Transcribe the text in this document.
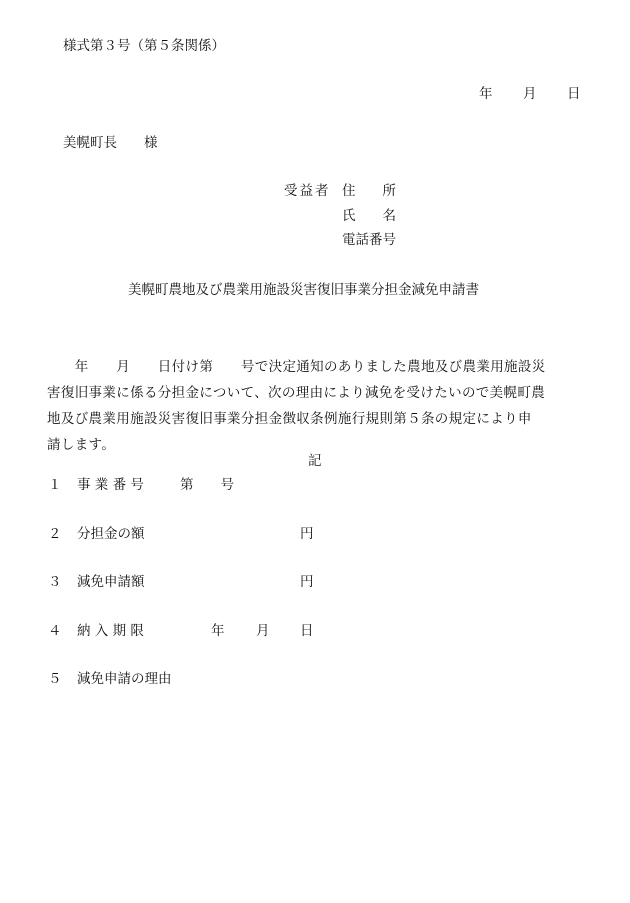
様式第３号（第５条関係）
年 月 日
美幌町長　　様
受益者 住　　所
氏　　名
電話番号
美幌町農地及び農業用施設災害復旧事業分担金減免申請書
　　年　　月　　日付け第　　号で決定通知のありました農地及び農業用施設災
害復旧事業に係る分担金について、次の理由により減免を受けたいので美幌町農
地及び農業用施設災害復旧事業分担金徴収条例施行規則第５条の規定により申
請します。
記
１ 事 業 番 号	第　　号
２ 分担金の額	円
３ 減免申請額	円
４ 納 入 期 限	年 月 日
５ 減免申請の理由
